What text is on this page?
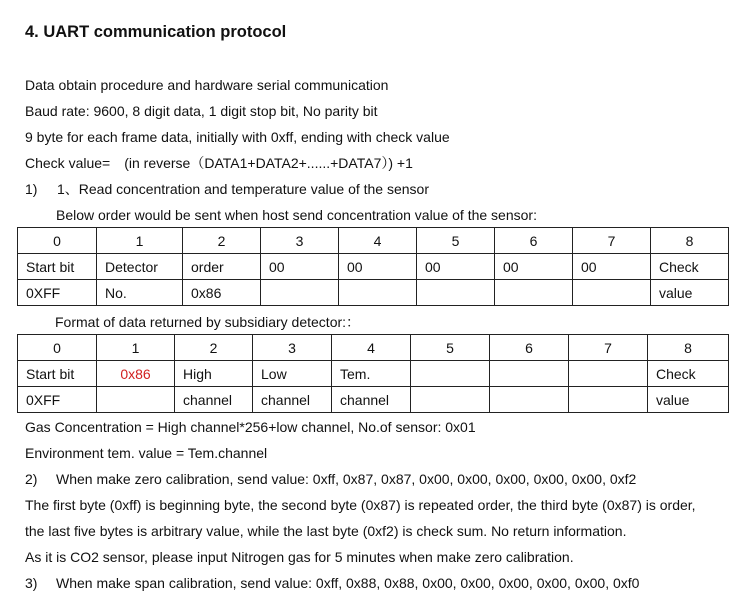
4. UART communication protocol
Data obtain procedure and hardware serial communication
Baud rate: 9600, 8 digit data, 1 digit stop bit, No parity bit
9 byte for each frame data, initially with 0xff, ending with check value
Check value=　(in reverse（DATA1+DATA2+......+DATA7）) +1
1) 1、Read concentration and temperature value of the sensor
Below order would be sent when host send concentration value of the sensor:
0	1	2	3	4	5	6	7	8
Start bit	Detector	order	00	00	00	00	00	Check
0XFF	No.	0x86						value
Format of data returned by subsidiary detector:：
0	1	2	3	4	5	6	7	8
Start bit	0x86	High	Low	Tem.				Check
0XFF		channel	channel	channel				value
Gas Concentration = High channel*256+low channel, No.of sensor: 0x01
Environment tem. value = Tem.channel
2) When make zero calibration, send value: 0xff, 0x87, 0x87, 0x00, 0x00, 0x00, 0x00, 0x00, 0xf2
The first byte (0xff) is beginning byte, the second byte (0x87) is repeated order, the third byte (0x87) is order,
the last five bytes is arbitrary value, while the last byte (0xf2) is check sum. No return information.
As it is CO2 sensor, please input Nitrogen gas for 5 minutes when make zero calibration.
3) When make span calibration, send value: 0xff, 0x88, 0x88, 0x00, 0x00, 0x00, 0x00, 0x00, 0xf0
